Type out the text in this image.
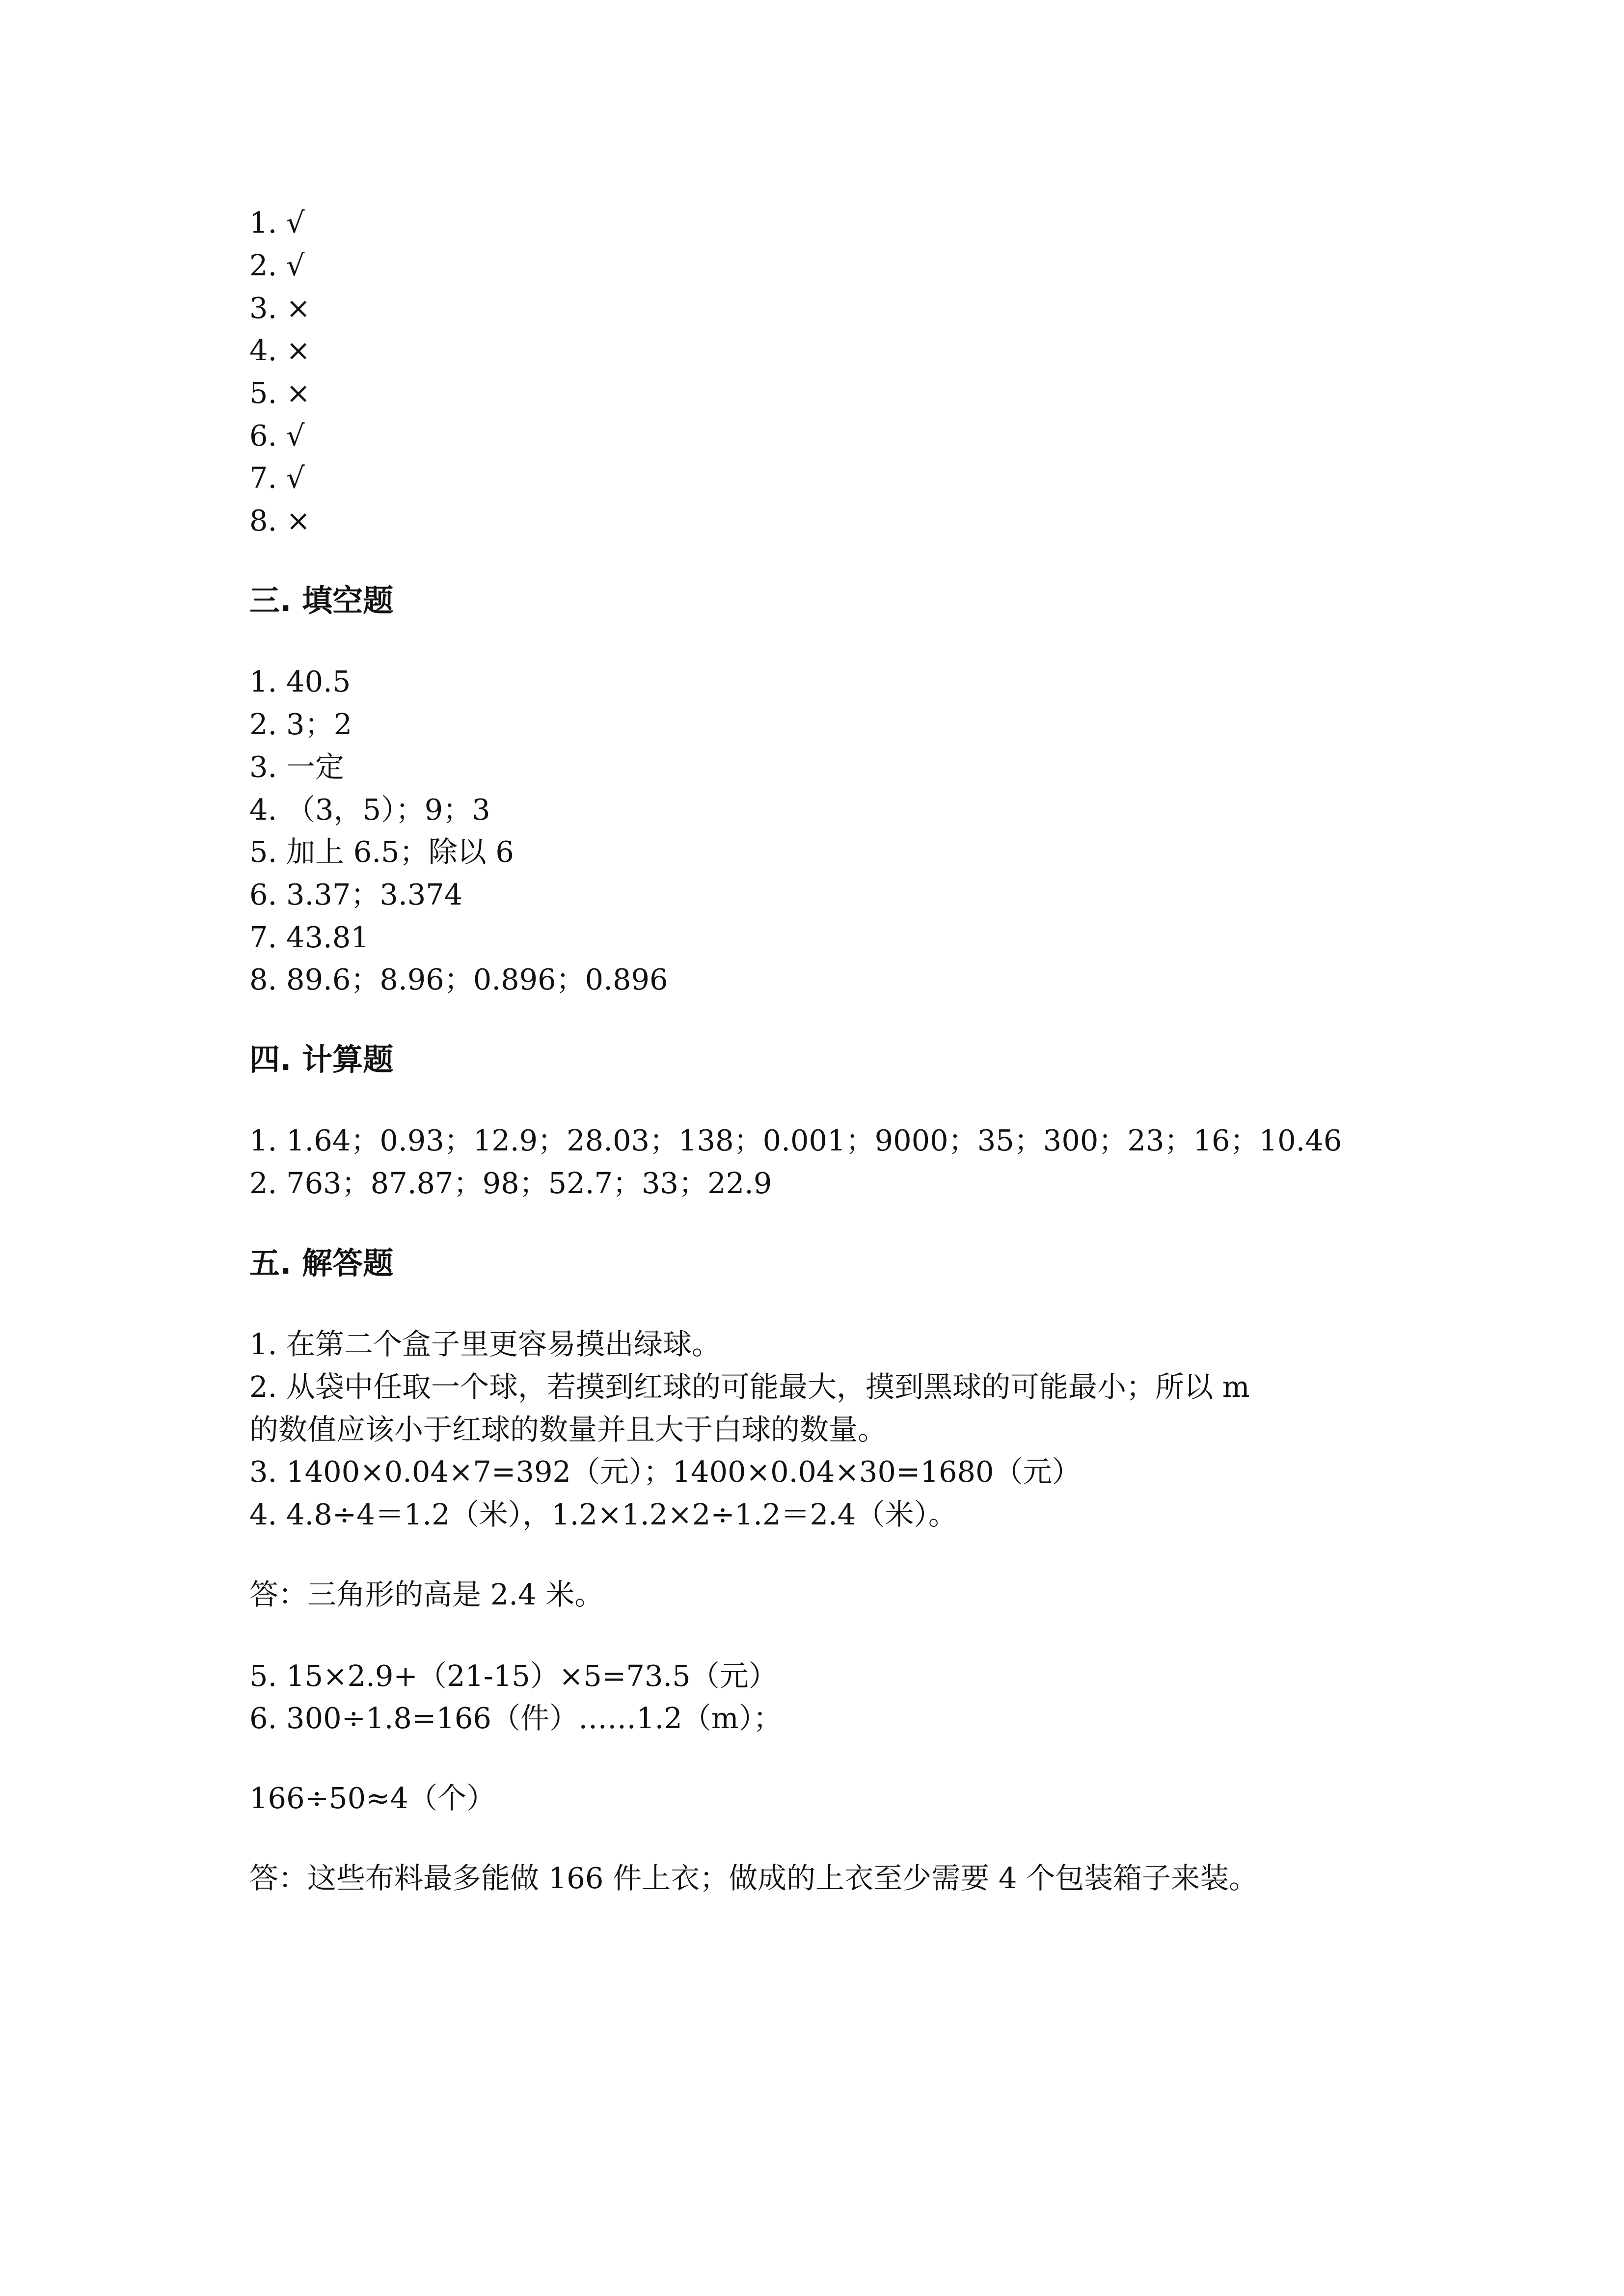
1. √
2. √
3. ×
4. ×
5. ×
6. √
7. √
8. ×
三. 填空题
1. 40.5
2. 3；2
3. 一定
4. （3，5）；9；3
5. 加上 6.5；除以 6
6. 3.37；3.374
7. 43.81
8. 89.6；8.96；0.896；0.896
四. 计算题
1. 1.64；0.93；12.9；28.03；138；0.001；9000；35；300；23；16；10.46
2. 763；87.87；98；52.7；33；22.9
五. 解答题
1. 在第二个盒子里更容易摸出绿球。
2. 从袋中任取一个球，若摸到红球的可能最大，摸到黑球的可能最小；所以 m
的数值应该小于红球的数量并且大于白球的数量。
3. 1400×0.04×7=392（元）；1400×0.04×30=1680（元）
4. 4.8÷4＝1.2（米），1.2×1.2×2÷1.2＝2.4（米）。
答：三角形的高是 2.4 米。
5. 15×2.9+（21-15）×5=73.5（元）
6. 300÷1.8=166（件）……1.2（m）；
166÷50≈4（个）
答：这些布料最多能做 166 件上衣；做成的上衣至少需要 4 个包装箱子来装。
